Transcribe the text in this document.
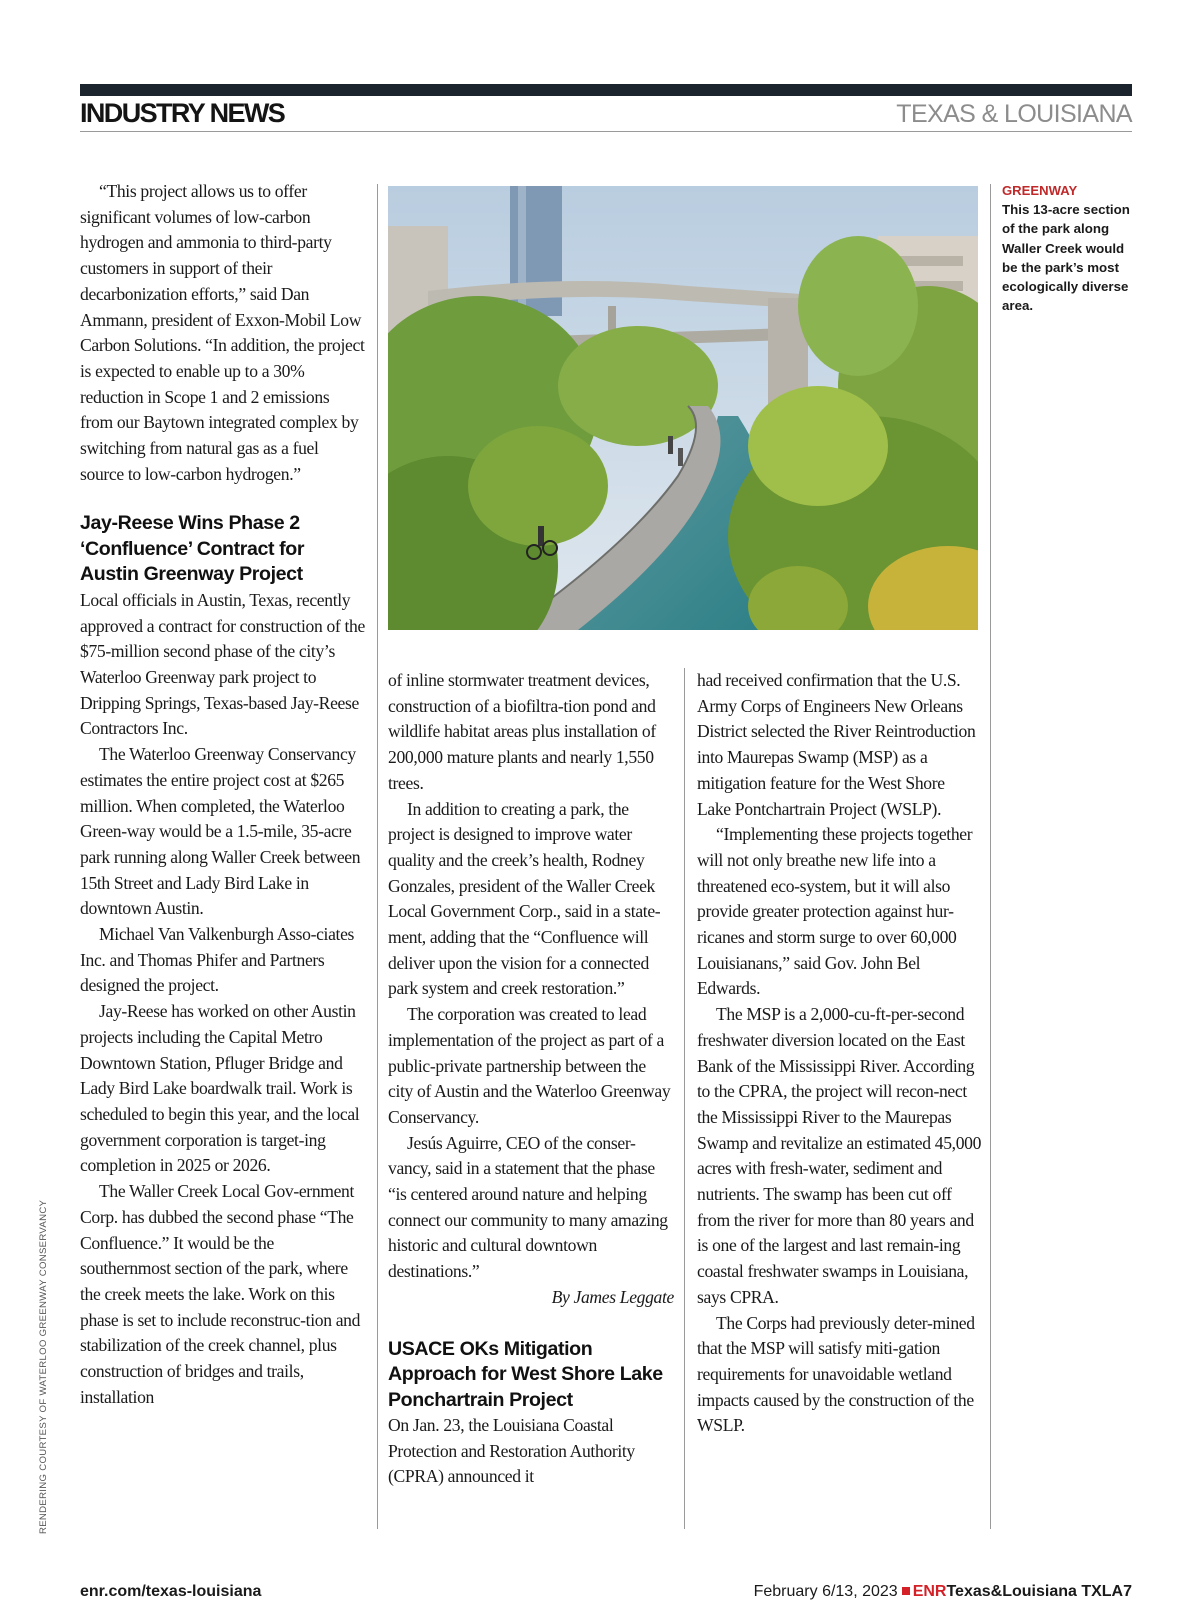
INDUSTRY NEWS	TEXAS & LOUISIANA

“This project allows us to offer significant volumes of low-carbon hydrogen and ammonia to third-party customers in support of their decarbonization efforts,” said Dan Ammann, president of Exxon-Mobil Low Carbon Solutions. “In addition, the project is expected to enable up to a 30% reduction in Scope 1 and 2 emissions from our Baytown integrated complex by switching from natural gas as a fuel source to low-carbon hydrogen.”

Jay-Reese Wins Phase 2 ‘Confluence’ Contract for Austin Greenway Project

Local officials in Austin, Texas, recently approved a contract for construction of the $75-million second phase of the city’s Waterloo Greenway park project to Dripping Springs, Texas-based Jay-Reese Contractors Inc.

The Waterloo Greenway Conservancy estimates the entire project cost at $265 million. When completed, the Waterloo Green-way would be a 1.5-mile, 35-acre park running along Waller Creek between 15th Street and Lady Bird Lake in downtown Austin.

Michael Van Valkenburgh Asso-ciates Inc. and Thomas Phifer and Partners designed the project.

Jay-Reese has worked on other Austin projects including the Capital Metro Downtown Station, Pfluger Bridge and Lady Bird Lake boardwalk trail. Work is scheduled to begin this year, and the local government corporation is target-ing completion in 2025 or 2026.

The Waller Creek Local Gov-ernment Corp. has dubbed the second phase “The Confluence.” It would be the southernmost section of the park, where the creek meets the lake. Work on this phase is set to include reconstruc-tion and stabilization of the creek channel, plus construction of bridges and trails, installation

GREENWAY
This 13-acre section of the park along Waller Creek would be the park’s most ecologically diverse area.

of inline stormwater treatment devices, construction of a biofiltra-tion pond and wildlife habitat areas plus installation of 200,000 mature plants and nearly 1,550 trees.

In addition to creating a park, the project is designed to improve water quality and the creek’s health, Rodney Gonzales, president of the Waller Creek Local Government Corp., said in a state-ment, adding that the “Confluence will deliver upon the vision for a connected park system and creek restoration.”

The corporation was created to lead implementation of the project as part of a public-private partnership between the city of Austin and the Waterloo Greenway Conservancy.

Jesús Aguirre, CEO of the conser-vancy, said in a statement that the phase “is centered around nature and helping connect our community to many amazing historic and cultural downtown destinations.”

By James Leggate

USACE OKs Mitigation Approach for West Shore Lake Ponchartrain Project

On Jan. 23, the Louisiana Coastal Protection and Restoration Authority (CPRA) announced it

had received confirmation that the U.S. Army Corps of Engineers New Orleans District selected the River Reintroduction into Maurepas Swamp (MSP) as a mitigation feature for the West Shore Lake Pontchartrain Project (WSLP).

“Implementing these projects together will not only breathe new life into a threatened eco-system, but it will also provide greater protection against hur-ricanes and storm surge to over 60,000 Louisianans,” said Gov. John Bel Edwards.

The MSP is a 2,000-cu-ft-per-second freshwater diversion located on the East Bank of the Mississippi River. According to the CPRA, the project will recon-nect the Mississippi River to the Maurepas Swamp and revitalize an estimated 45,000 acres with fresh-water, sediment and nutrients. The swamp has been cut off from the river for more than 80 years and is one of the largest and last remain-ing coastal freshwater swamps in Louisiana, says CPRA.

The Corps had previously deter-mined that the MSP will satisfy miti-gation requirements for unavoidable wetland impacts caused by the construction of the WSLP.

RENDERING COURTESY OF WATERLOO GREENWAY CONSERVANCY
enr.com/texas-louisiana	February 6/13, 2023 ENRTexas&Louisiana TXLA7
